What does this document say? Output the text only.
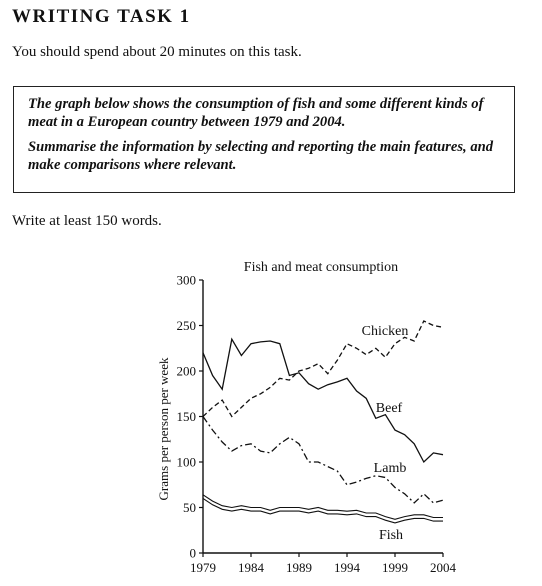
WRITING TASK 1
You should spend about 20 minutes on this task.

The graph below shows the consumption of fish and some different kinds of meat in a European country between 1979 and 2004.

Summarise the information by selecting and reporting the main features, and make comparisons where relevant.

Write at least 150 words.
Fish and meat consumption
Grams per person per week
0
50
100
150
200
250
300
1979 1984 1989 1994 1999 2004
Beef
Chicken
Lamb
Fish
